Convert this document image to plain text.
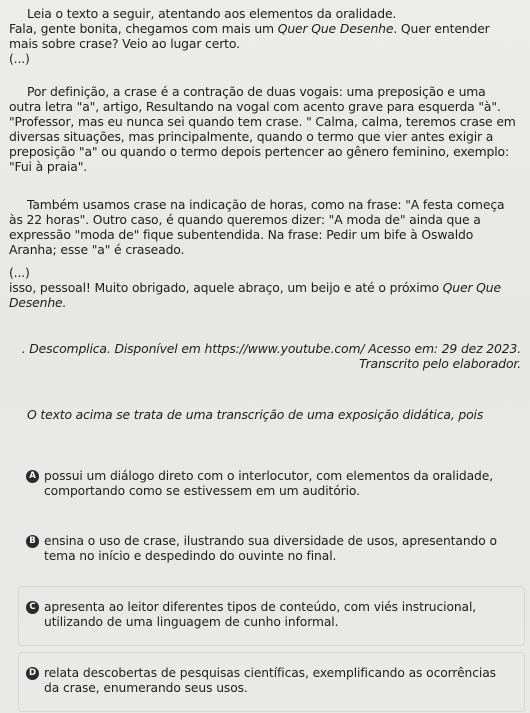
Leia o texto a seguir, atentando aos elementos da oralidade.

Fala, gente bonita, chegamos com mais um Quer Que Desenhe. Quer entender mais sobre crase? Veio ao lugar certo.

(...)

Por definição, a crase é a contração de duas vogais: uma preposição e uma outra letra "a", artigo, Resultando na vogal com acento grave para esquerda "à". "Professor, mas eu nunca sei quando tem crase. " Calma, calma, teremos crase em diversas situações, mas principalmente, quando o termo que vier antes exigir a preposição "a" ou quando o termo depois pertencer ao gênero feminino, exemplo: "Fui à praia".

Também usamos crase na indicação de horas, como na frase: "A festa começa às 22 horas". Outro caso, é quando queremos dizer: "A moda de" ainda que a expressão "moda de" fique subentendida. Na frase: Pedir um bife à Oswaldo Aranha; esse "a" é craseado.

(...)

isso, pessoal! Muito obrigado, aquele abraço, um beijo e até o próximo Quer Que Desenhe.

. Descomplica. Disponível em https://www.youtube.com/ Acesso em: 29 dez 2023.

Transcrito pelo elaborador.

O texto acima se trata de uma transcrição de uma exposição didática, pois

A possui um diálogo direto com o interlocutor, com elementos da oralidade, comportando como se estivessem em um auditório.
B ensina o uso de crase, ilustrando sua diversidade de usos, apresentando o tema no início e despedindo do ouvinte no final.
C apresenta ao leitor diferentes tipos de conteúdo, com viés instrucional, utilizando de uma linguagem de cunho informal.
D relata descobertas de pesquisas científicas, exemplificando as ocorrências da crase, enumerando seus usos.
